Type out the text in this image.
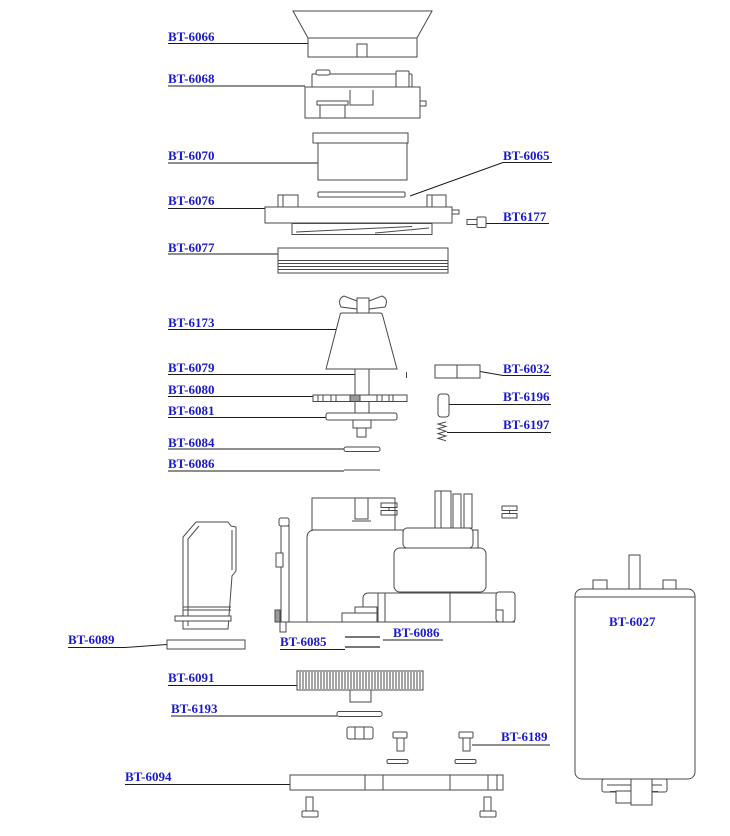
BT-6066
BT-6068
BT-6070	BT-6065
BT-6076
BT6177
BT-6077
BT-6173
BT-6079
BT-6080
BT-6081
BT-6032
BT-6196
BT-6197
BT-6084
BT-6086
BT-6089	BT-6085
BT-6086
BT-6091
BT-6193
BT-6189
BT-6094
BT-6027
